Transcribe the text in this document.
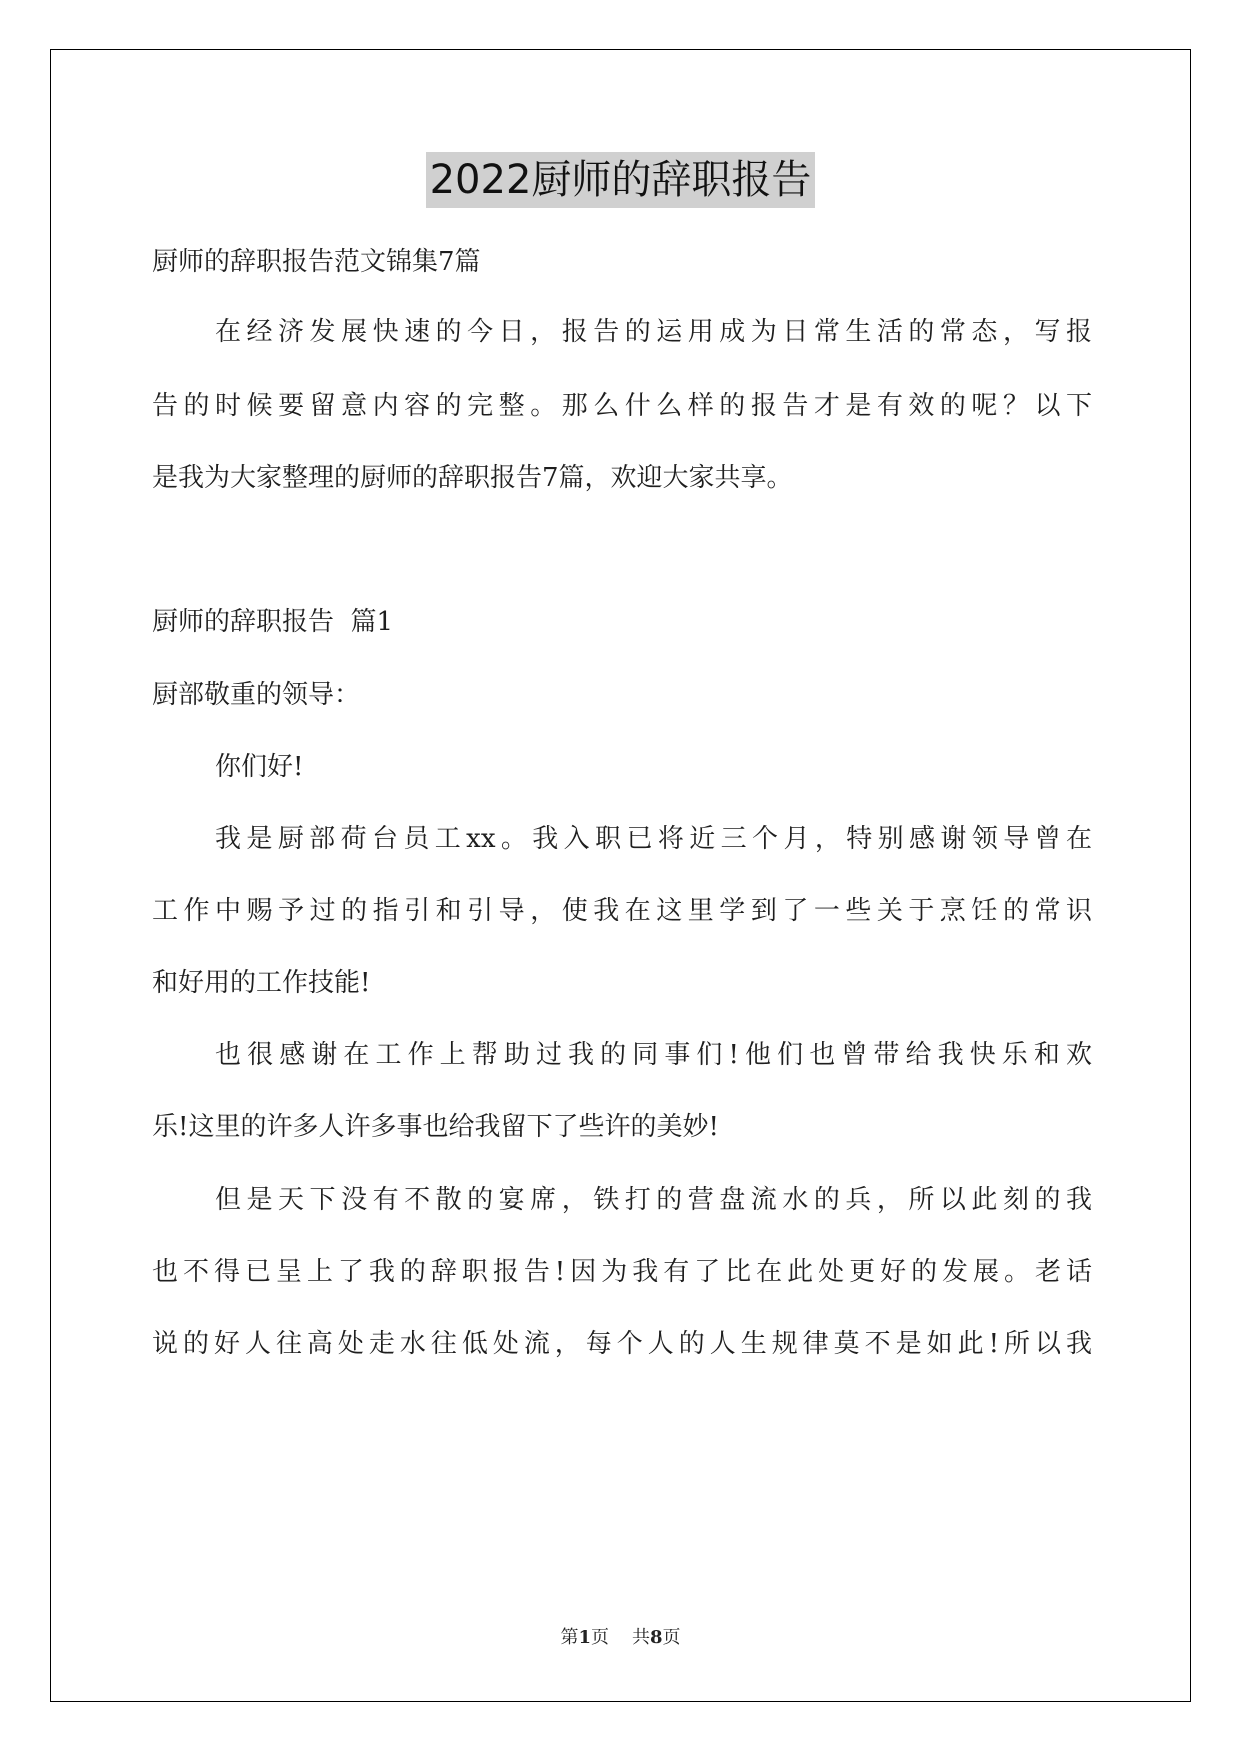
2022厨师的辞职报告
厨师的辞职报告范文锦集7篇
在经济发展快速的今日，报告的运用成为日常生活的常态，写报
告的时候要留意内容的完整。那么什么样的报告才是有效的呢？以下
是我为大家整理的厨师的辞职报告7篇，欢迎大家共享。
厨师的辞职报告  篇1
厨部敬重的领导：
你们好!
我是厨部荷台员工xx。我入职已将近三个月，特别感谢领导曾在
工作中赐予过的指引和引导，使我在这里学到了一些关于烹饪的常识
和好用的工作技能!
也很感谢在工作上帮助过我的同事们!他们也曾带给我快乐和欢
乐!这里的许多人许多事也给我留下了些许的美妙!
但是天下没有不散的宴席，铁打的营盘流水的兵，所以此刻的我
也不得已呈上了我的辞职报告!因为我有了比在此处更好的发展。老话
说的好人往高处走水往低处流，每个人的人生规律莫不是如此!所以我
第1页 共8页
